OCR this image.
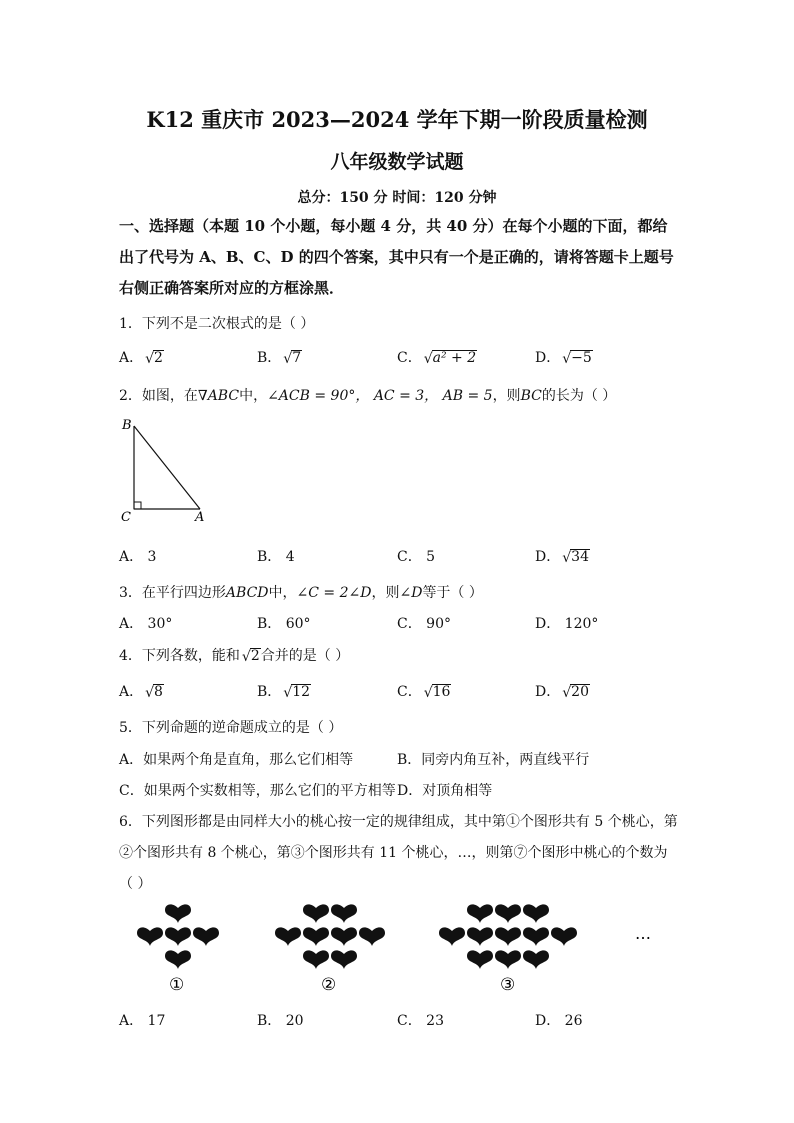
K12 重庆市 2023—2024 学年下期一阶段质量检测
八年级数学试题
总分：150 分 时间：120 分钟
一、选择题（本题 10 个小题，每小题 4 分，共 40 分）在每个小题的下面，都给出了代号为 A、B、C、D 的四个答案，其中只有一个是正确的，请将答题卡上题号右侧正确答案所对应的方框涂黑．
1．下列不是二次根式的是（ ）
A． √ 2	B． √ 7	C． √ a² + 2	D． √ −5
2．如图，在∇ABC中，∠ACB = 90°， AC = 3， AB = 5，则BC的长为（ ）
B
C	A
A． 3	B． 4	C． 5	D． √ 34
3．在平行四边形ABCD中，∠C = 2∠D，则∠D等于（ ）
A． 30°	B． 60°	C． 90°	D． 120°
4．下列各数，能和 √ 2合并的是（ ）
A． √ 8	B． √ 12	C． √ 16	D． √ 20
5．下列命题的逆命题成立的是（ ）
A．如果两个角是直角，那么它们相等	B．同旁内角互补，两直线平行
C．如果两个实数相等，那么它们的平方相等 D．对顶角相等
6．下列图形都是由同样大小的桃心按一定的规律组成，其中第①个图形共有 5 个桃心，第
②个图形共有 8 个桃心，第③个图形共有 11 个桃心，…，则第⑦个图形中桃心的个数为
（ ）
①	②	③
…
A． 17	B． 20	C． 23	D． 26
